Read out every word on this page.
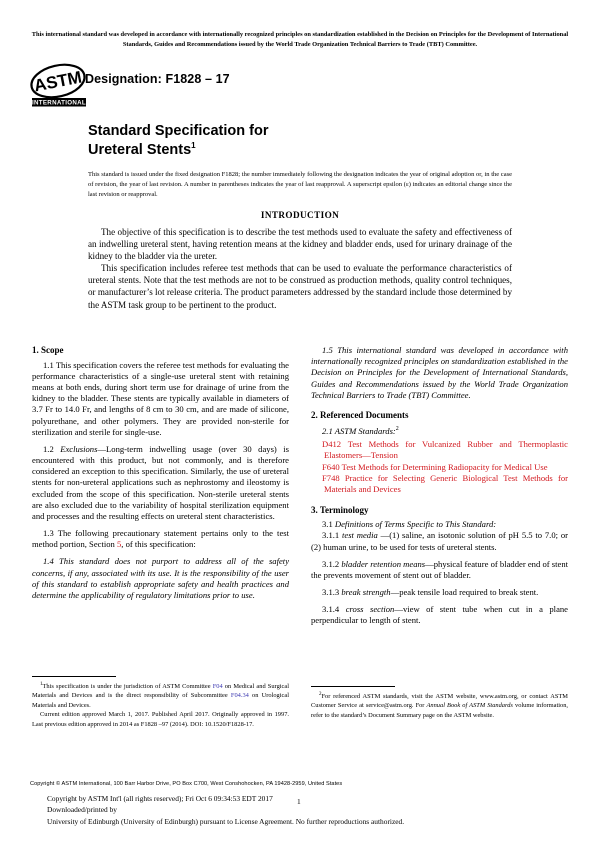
This international standard was developed in accordance with internationally recognized principles on standardization established in the Decision on Principles for the Development of International Standards, Guides and Recommendations issued by the World Trade Organization Technical Barriers to Trade (TBT) Committee.
ASTM
INTERNATIONAL
Designation: F1828 – 17
Standard Specification for
Ureteral Stents$^1$
This standard is issued under the fixed designation F1828; the number immediately following the designation indicates the year of original adoption or, in the case of revision, the year of last revision. A number in parentheses indicates the year of last reapproval. A superscript epsilon (ε) indicates an editorial change since the last revision or reapproval.
INTRODUCTION

The objective of this specification is to describe the test methods used to evaluate the safety and effectiveness of an indwelling ureteral stent, having retention means at the kidney and bladder ends, used for urinary drainage of the kidney to the bladder via the ureter.

This specification includes referee test methods that can be used to evaluate the performance characteristics of ureteral stents. Note that the test methods are not to be construed as production methods, quality control techniques, or manufacturer’s lot release criteria. The product parameters addressed by the standard include those determined by the ASTM task group to be pertinent to the product.

1. Scope

1.1 This specification covers the referee test methods for evaluating the performance characteristics of a single-use ureteral stent with retaining means at both ends, during short term use for drainage of urine from the kidney to the bladder. These stents are typically available in diameters of 3.7 Fr to 14.0 Fr, and lengths of 8 cm to 30 cm, and are made of silicone, polyurethane, and other polymers. They are provided non-sterile for sterilization and sterile for single-use.

1.2 Exclusions—Long-term indwelling usage (over 30 days) is encountered with this product, but not commonly, and is therefore considered an exception to this specification. Similarly, the use of ureteral stents for non-ureteral applications such as nephrostomy and ileostomy is excluded from the scope of this specification. Non-sterile ureteral stents are also excluded due to the variability of hospital sterilization equipment and processes and the resulting effects on ureteral stent characteristics.

1.3 The following precautionary statement pertains only to the test method portion, Section 5, of this specification:

1.4 This standard does not purport to address all of the safety concerns, if any, associated with its use. It is the responsibility of the user of this standard to establish appropriate safety and health practices and determine the applicability of regulatory limitations prior to use.

1.5 This international standard was developed in accordance with internationally recognized principles on standardization established in the Decision on Principles for the Development of International Standards, Guides and Recommendations issued by the World Trade Organization Technical Barriers to Trade (TBT) Committee.

2. Referenced Documents

2.1 ASTM Standards:$^2$

D412 Test Methods for Vulcanized Rubber and Thermoplastic Elastomers—Tension

F640 Test Methods for Determining Radiopacity for Medical Use

F748 Practice for Selecting Generic Biological Test Methods for Materials and Devices

3. Terminology

3.1 Definitions of Terms Specific to This Standard:

3.1.1 test media —(1) saline, an isotonic solution of pH 5.5 to 7.0; or (2) human urine, to be used for tests of ureteral stents.

3.1.2 bladder retention means—physical feature of bladder end of stent the prevents movement of stent out of bladder.

3.1.3 break strength—peak tensile load required to break stent.

3.1.4 cross section—view of stent tube when cut in a plane perpendicular to length of stent.

$^1$This specification is under the jurisdiction of ASTM Committee F04 on Medical and Surgical Materials and Devices and is the direct responsibility of Subcommittee F04.34 on Urological Materials and Devices.

Current edition approved March 1, 2017. Published April 2017. Originally approved in 1997. Last previous edition approved in 2014 as F1828 –97 (2014). DOI: 10.1520/F1828-17.

$^2$For referenced ASTM standards, visit the ASTM website, www.astm.org, or contact ASTM Customer Service at service@astm.org. For Annual Book of ASTM Standards volume information, refer to the standard’s Document Summary page on the ASTM website.

Copyright © ASTM International, 100 Barr Harbor Drive, PO Box C700, West Conshohocken, PA 19428-2959, United States
Copyright by ASTM Int'l (all rights reserved); Fri Oct 6 09:34:53 EDT 2017
Downloaded/printed by
University of Edinburgh (University of Edinburgh) pursuant to License Agreement. No further reproductions authorized.
1
